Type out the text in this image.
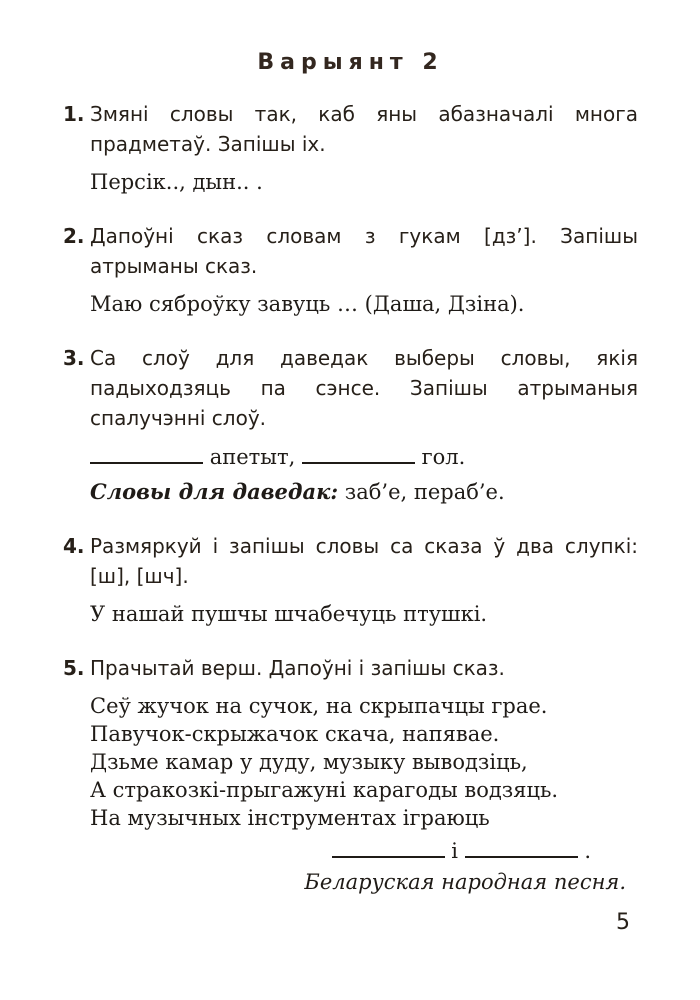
Варыянт 2
1. Змяні словы так, каб яны абазначалі многа прадметаў. Запішы іх.

Персік.., дын.. .

2. Дапоўні сказ словам з гукам [дз’]. Запішы атрыманы сказ.

Маю сяброўку завуць … (Даша, Дзіна).

3. Са слоў для даведак выберы словы, якія падыходзяць па сэнсе. Запішы атрыманыя спалучэнні слоў.

апетыт,	гол.

Словы для даведак: заб’е, пераб’е.

4. Размяркуй і запішы словы са сказа ў два слупкі: [ш], [шч].

У нашай пушчы шчабечуць птушкі.

5. Прачытай верш. Дапоўні і запішы сказ.

Сеў жучок на сучок, на скрыпачцы грае.

Павучок-скрыжачок скача, напявае.

Дзьме камар у дуду, музыку выводзіць,

А стракозкі-прыгажуні карагоды водзяць.

На музычных інструментах іграюць

і	.

Беларуская народная песня.

5
